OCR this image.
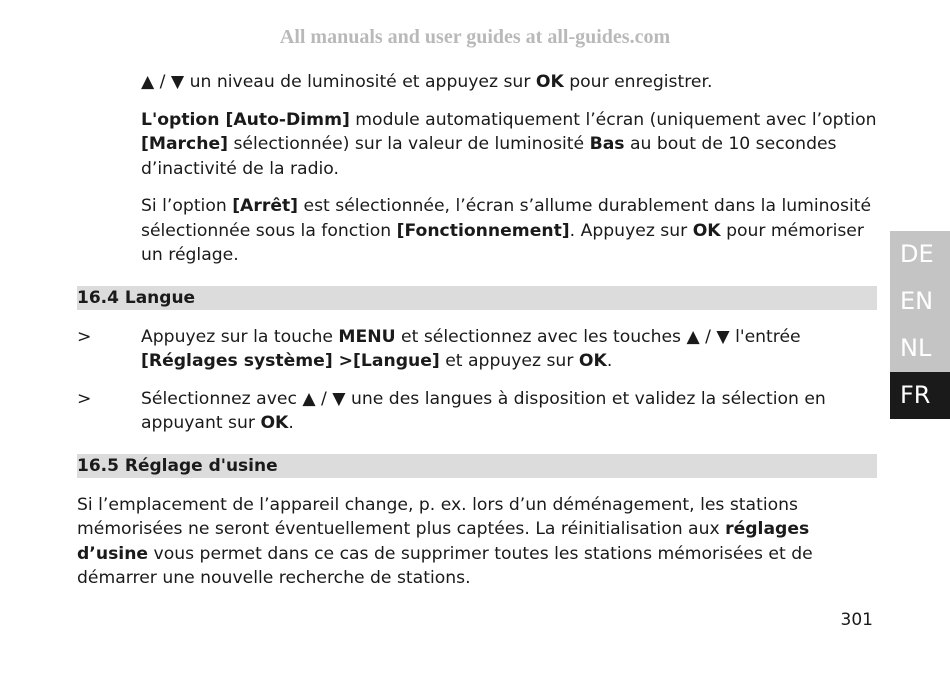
All manuals and user guides at all-guides.com

▲ / ▼ un niveau de luminosité et appuyez sur OK pour enregistrer.

L'option [Auto-Dimm] module automatiquement l’écran (uniquement avec l’option [Marche] sélectionnée) sur la valeur de luminosité Bas au bout de 10 secondes d’inactivité de la radio.

Si l’option [Arrêt] est sélectionnée, l’écran s’allume durablement dans la luminosité sélectionnée sous la fonction [Fonctionnement]. Appuyez sur OK pour mémoriser un réglage.

16.4 Langue
>	Appuyez sur la touche MENU et sélectionnez avec les touches ▲ / ▼ l'entrée [Réglages système] >[Langue] et appuyez sur OK.
>	Sélectionnez avec ▲ / ▼ une des langues à disposition et validez la sélection en appuyant sur OK.
16.5 Réglage d'usine

Si l’emplacement de l’appareil change, p. ex. lors d’un déménagement, les stations mémorisées ne seront éventuellement plus captées. La réinitialisation aux réglages d’usine vous permet dans ce cas de supprimer toutes les stations mémorisées et de démarrer une nouvelle recherche de stations.

DE
EN
NL
FR
301
